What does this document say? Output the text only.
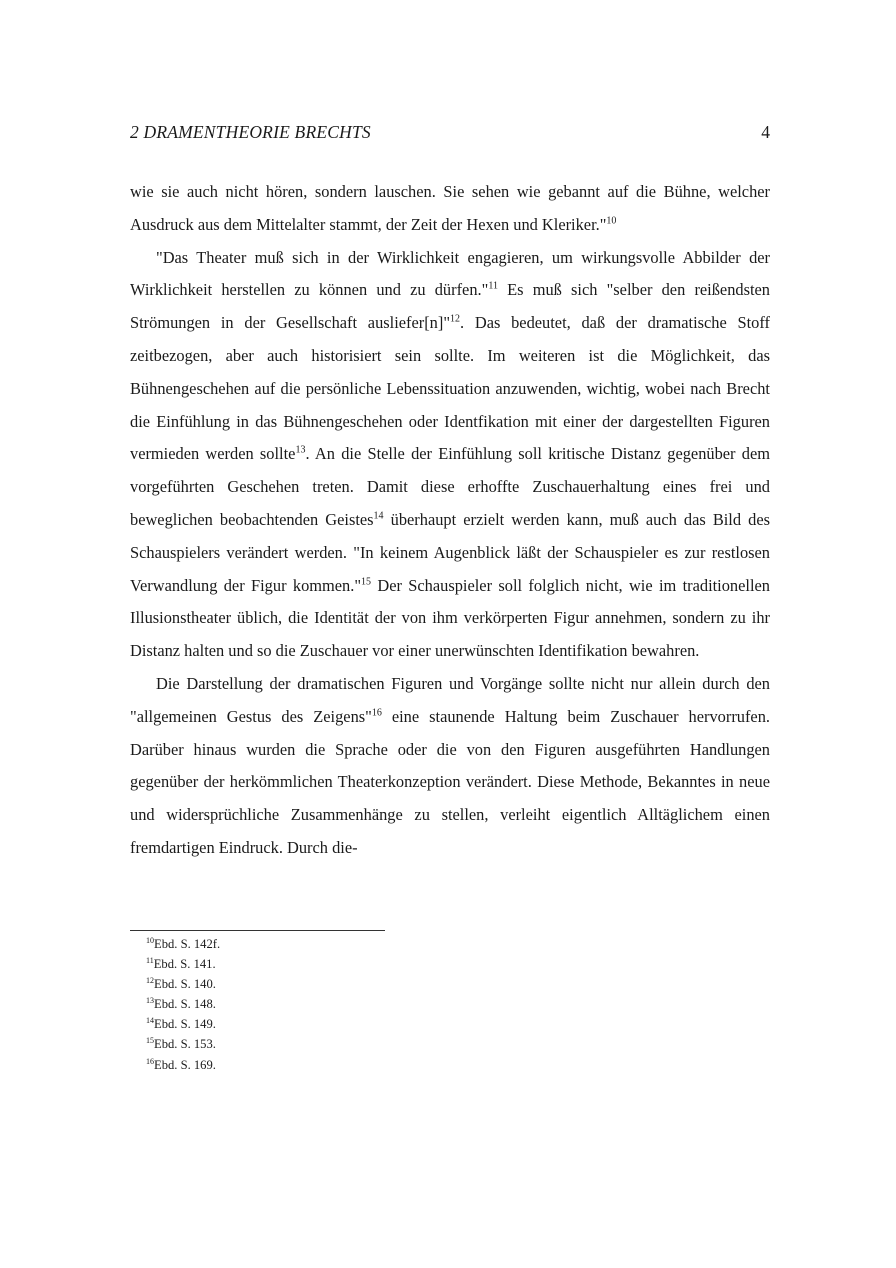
2 DRAMENTHEORIE BRECHTS	4

wie sie auch nicht hören, sondern lauschen. Sie sehen wie gebannt auf die Bühne, welcher Ausdruck aus dem Mittelalter stammt, der Zeit der Hexen und Kleriker."$^{10}$

"Das Theater muß sich in der Wirklichkeit engagieren, um wirkungsvolle Abbilder der Wirklichkeit herstellen zu können und zu dürfen."$^{11}$ Es muß sich "selber den reißendsten Strömungen in der Gesellschaft ausliefer[n]"$^{12}$. Das bedeutet, daß der dramatische Stoff zeitbezogen, aber auch historisiert sein sollte. Im weiteren ist die Möglichkeit, das Bühnengeschehen auf die persönliche Lebenssituation anzuwenden, wichtig, wobei nach Brecht die Einfühlung in das Bühnengeschehen oder Identfikation mit einer der dargestellten Figuren vermieden werden sollte$^{13}$. An die Stelle der Einfühlung soll kritische Distanz gegenüber dem vorgeführten Geschehen treten. Damit diese erhoffte Zuschauerhaltung eines frei und beweglichen beobachtenden Geistes$^{14}$ überhaupt erzielt werden kann, muß auch das Bild des Schauspielers verändert werden. "In keinem Augenblick läßt der Schauspieler es zur restlosen Verwandlung der Figur kommen."$^{15}$ Der Schauspieler soll folglich nicht, wie im traditionellen Illusionstheater üblich, die Identität der von ihm verkörperten Figur annehmen, sondern zu ihr Distanz halten und so die Zuschauer vor einer unerwünschten Identifikation bewahren.

Die Darstellung der dramatischen Figuren und Vorgänge sollte nicht nur allein durch den "allgemeinen Gestus des Zeigens"$^{16}$ eine staunende Haltung beim Zuschauer hervorrufen. Darüber hinaus wurden die Sprache oder die von den Figuren ausgeführten Handlungen gegenüber der herkömmlichen Theaterkonzeption verändert. Diese Methode, Bekanntes in neue und widersprüchliche Zusammenhänge zu stellen, verleiht eigentlich Alltäglichem einen fremdartigen Eindruck. Durch die-

$^{10}$Ebd. S. 142f.
$^{11}$Ebd. S. 141.
$^{12}$Ebd. S. 140.
$^{13}$Ebd. S. 148.
$^{14}$Ebd. S. 149.
$^{15}$Ebd. S. 153.
$^{16}$Ebd. S. 169.
